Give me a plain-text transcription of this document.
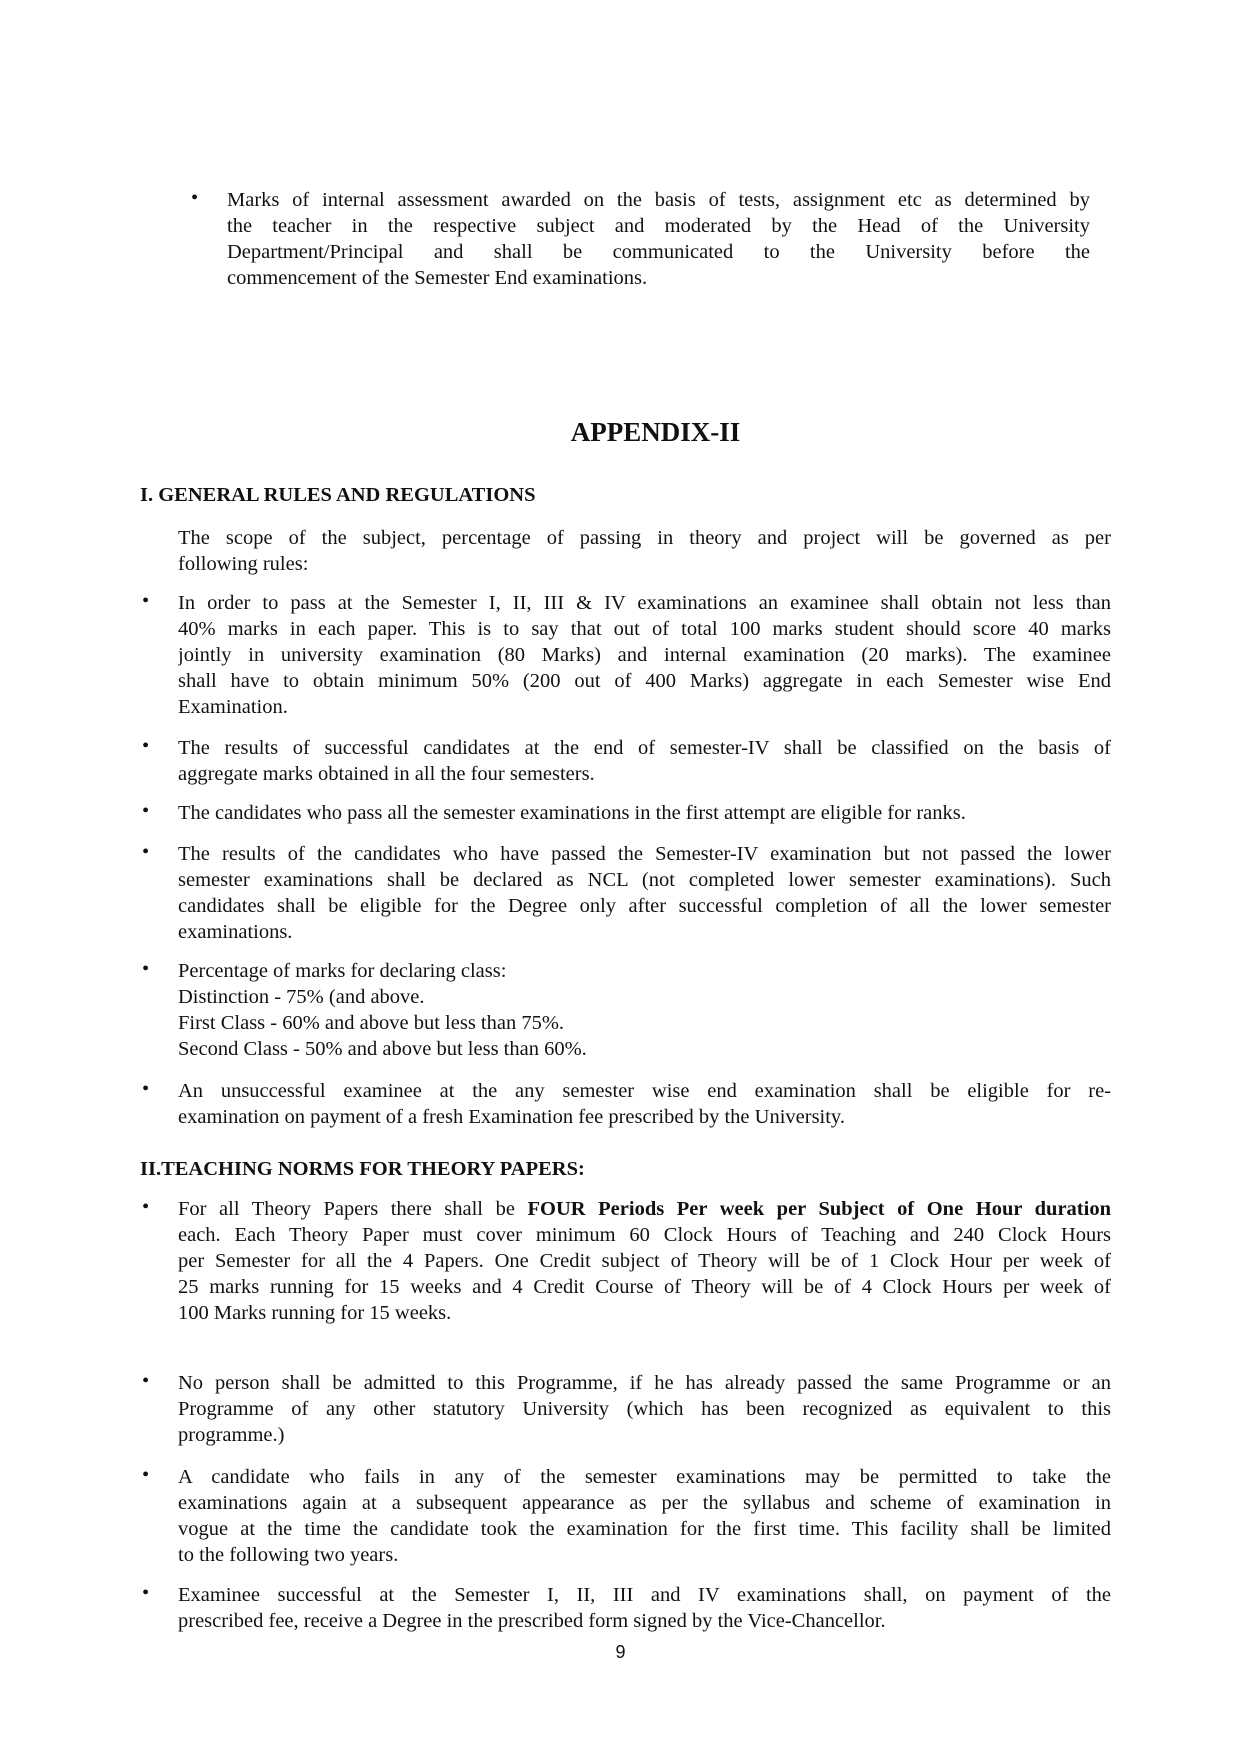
• Marks of internal assessment awarded on the basis of tests, assignment etc as determined by
the teacher in the respective subject and moderated by the Head of the University
Department/Principal and shall be communicated to the University before the
commencement of the Semester End examinations.
APPENDIX-II
I. GENERAL RULES AND REGULATIONS
The scope of the subject, percentage of passing in theory and project will be governed as per
following rules:
• In order to pass at the Semester I, II, III & IV examinations an examinee shall obtain not less than
40% marks in each paper. This is to say that out of total 100 marks student should score 40 marks
jointly in university examination (80 Marks) and internal examination (20 marks). The examinee
shall have to obtain minimum 50% (200 out of 400 Marks) aggregate in each Semester wise End
Examination.
• The results of successful candidates at the end of semester-IV shall be classified on the basis of
aggregate marks obtained in all the four semesters.
• The candidates who pass all the semester examinations in the first attempt are eligible for ranks.
• The results of the candidates who have passed the Semester-IV examination but not passed the lower
semester examinations shall be declared as NCL (not completed lower semester examinations). Such
candidates shall be eligible for the Degree only after successful completion of all the lower semester
examinations.
• Percentage of marks for declaring class:
Distinction - 75% (and above.
First Class - 60% and above but less than 75%.
Second Class - 50% and above but less than 60%.
• An unsuccessful examinee at the any semester wise end examination shall be eligible for re-
examination on payment of a fresh Examination fee prescribed by the University.
II.TEACHING NORMS FOR THEORY PAPERS:
• For all Theory Papers there shall be FOUR Periods Per week per Subject of One Hour duration
each. Each Theory Paper must cover minimum 60 Clock Hours of Teaching and 240 Clock Hours
per Semester for all the 4 Papers. One Credit subject of Theory will be of 1 Clock Hour per week of
25 marks running for 15 weeks and 4 Credit Course of Theory will be of 4 Clock Hours per week of
100 Marks running for 15 weeks.
• No person shall be admitted to this Programme, if he has already passed the same Programme or an
Programme of any other statutory University (which has been recognized as equivalent to this
programme.)
• A candidate who fails in any of the semester examinations may be permitted to take the
examinations again at a subsequent appearance as per the syllabus and scheme of examination in
vogue at the time the candidate took the examination for the first time. This facility shall be limited
to the following two years.
• Examinee successful at the Semester I, II, III and IV examinations shall, on payment of the
prescribed fee, receive a Degree in the prescribed form signed by the Vice-Chancellor.
9
